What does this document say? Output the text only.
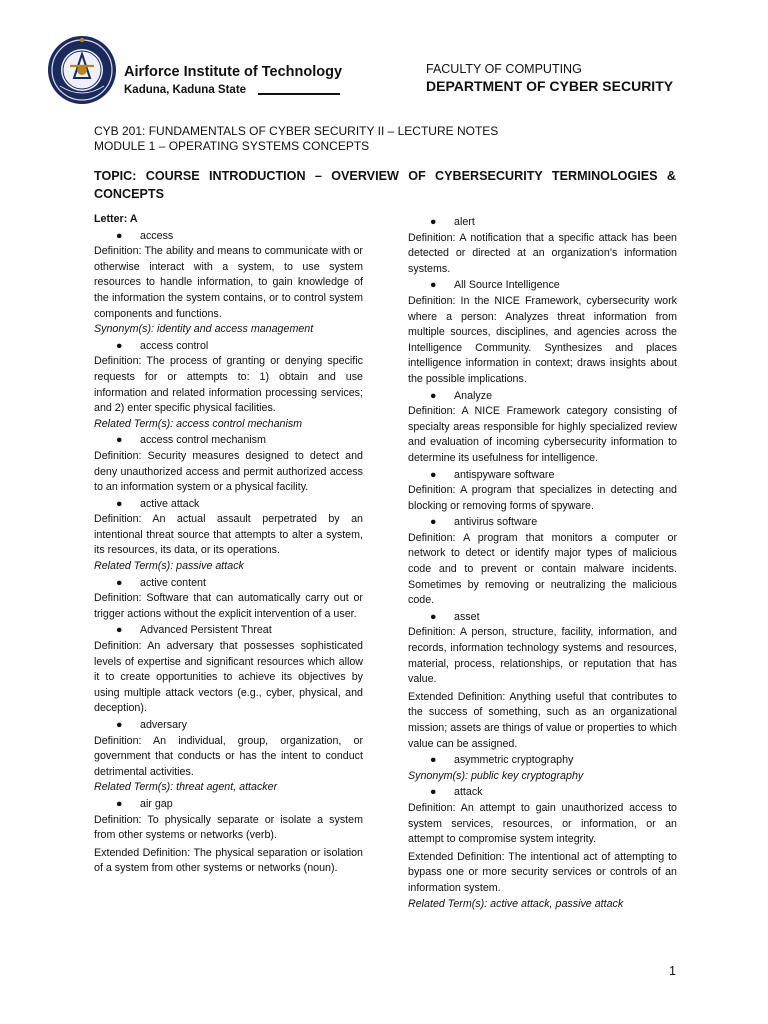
Airforce Institute of Technology
Kaduna, Kaduna State
FACULTY OF COMPUTING
DEPARTMENT OF CYBER SECURITY
CYB 201: FUNDAMENTALS OF CYBER SECURITY II – LECTURE NOTES
MODULE 1 – OPERATING SYSTEMS CONCEPTS
TOPIC: COURSE INTRODUCTION – OVERVIEW OF CYBERSECURITY TERMINOLOGIES & CONCEPTS
Letter: A
● access

Definition: The ability and means to communicate with or otherwise interact with a system, to use system resources to handle information, to gain knowledge of the information the system contains, or to control system components and functions.

Synonym(s): identity and access management

● access control

Definition: The process of granting or denying specific requests for or attempts to: 1) obtain and use information and related information processing services; and 2) enter specific physical facilities.

Related Term(s): access control mechanism

● access control mechanism

Definition: Security measures designed to detect and deny unauthorized access and permit authorized access to an information system or a physical facility.

● active attack

Definition: An actual assault perpetrated by an intentional threat source that attempts to alter a system, its resources, its data, or its operations.

Related Term(s): passive attack

● active content

Definition: Software that can automatically carry out or trigger actions without the explicit intervention of a user.

● Advanced Persistent Threat

Definition: An adversary that possesses sophisticated levels of expertise and significant resources which allow it to create opportunities to achieve its objectives by using multiple attack vectors (e.g., cyber, physical, and deception).

● adversary

Definition: An individual, group, organization, or government that conducts or has the intent to conduct detrimental activities.

Related Term(s): threat agent, attacker

● air gap

Definition: To physically separate or isolate a system from other systems or networks (verb).

Extended Definition: The physical separation or isolation of a system from other systems or networks (noun).

● alert

Definition: A notification that a specific attack has been detected or directed at an organization’s information systems.

● All Source Intelligence

Definition: In the NICE Framework, cybersecurity work where a person: Analyzes threat information from multiple sources, disciplines, and agencies across the Intelligence Community. Synthesizes and places intelligence information in context; draws insights about the possible implications.

● Analyze

Definition: A NICE Framework category consisting of specialty areas responsible for highly specialized review and evaluation of incoming cybersecurity information to determine its usefulness for intelligence.

● antispyware software

Definition: A program that specializes in detecting and blocking or removing forms of spyware.

● antivirus software

Definition: A program that monitors a computer or network to detect or identify major types of malicious code and to prevent or contain malware incidents. Sometimes by removing or neutralizing the malicious code.

● asset

Definition: A person, structure, facility, information, and records, information technology systems and resources, material, process, relationships, or reputation that has value.

Extended Definition: Anything useful that contributes to the success of something, such as an organizational mission; assets are things of value or properties to which value can be assigned.

● asymmetric cryptography

Synonym(s): public key cryptography

● attack

Definition: An attempt to gain unauthorized access to system services, resources, or information, or an attempt to compromise system integrity.

Extended Definition: The intentional act of attempting to bypass one or more security services or controls of an information system.

Related Term(s): active attack, passive attack

1
